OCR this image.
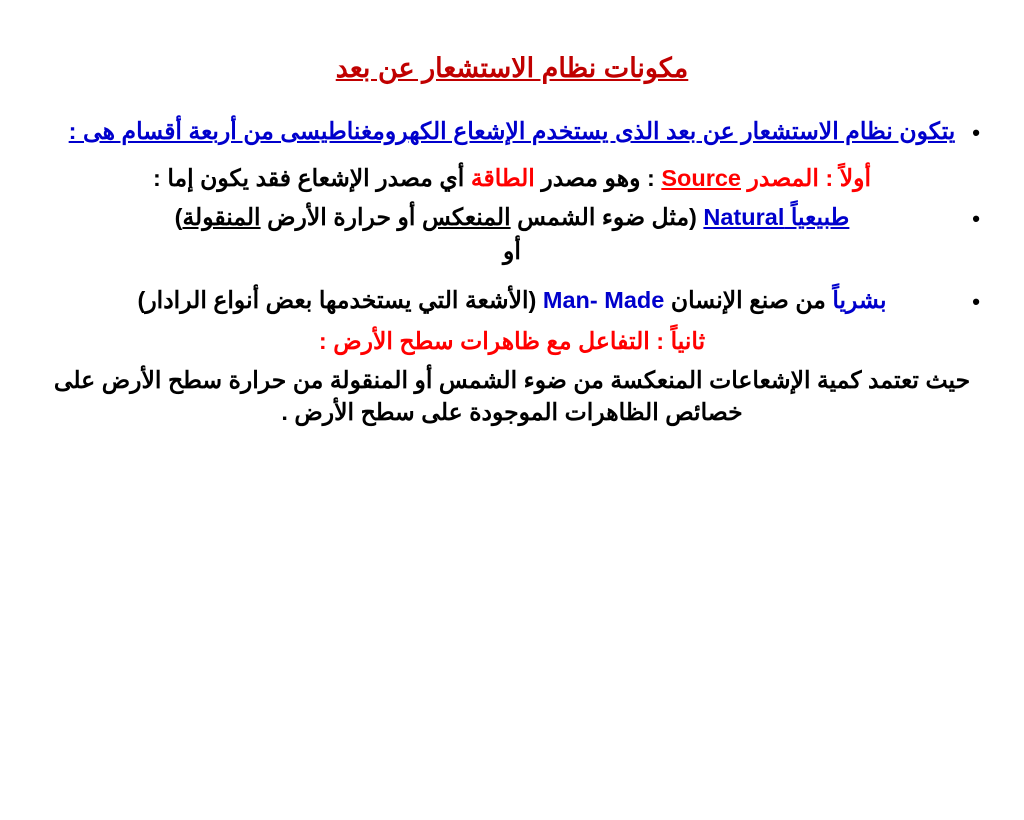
مكونات نظام الاستشعار عن بعد
•
يتكون نظام الاستشعار عن بعد الذى يستخدم الإشعاع الكهرومغناطيسى من أربعة أقسام هى :
أولاً : المصدر Source : وهو مصدر الطاقة أي مصدر الإشعاع فقد يكون إما :
•
طبيعياً Natural (مثل ضوء الشمس المنعكس أو حرارة الأرض المنقولة)
أو
•
بشرياً من صنع الإنسان Man- Made (الأشعة التي يستخدمها بعض أنواع الرادار)
ثانياً : التفاعل مع ظاهرات سطح الأرض :
حيث تعتمد كمية الإشعاعات المنعكسة من ضوء الشمس أو المنقولة من حرارة سطح الأرض على خصائص الظاهرات الموجودة على سطح الأرض .
